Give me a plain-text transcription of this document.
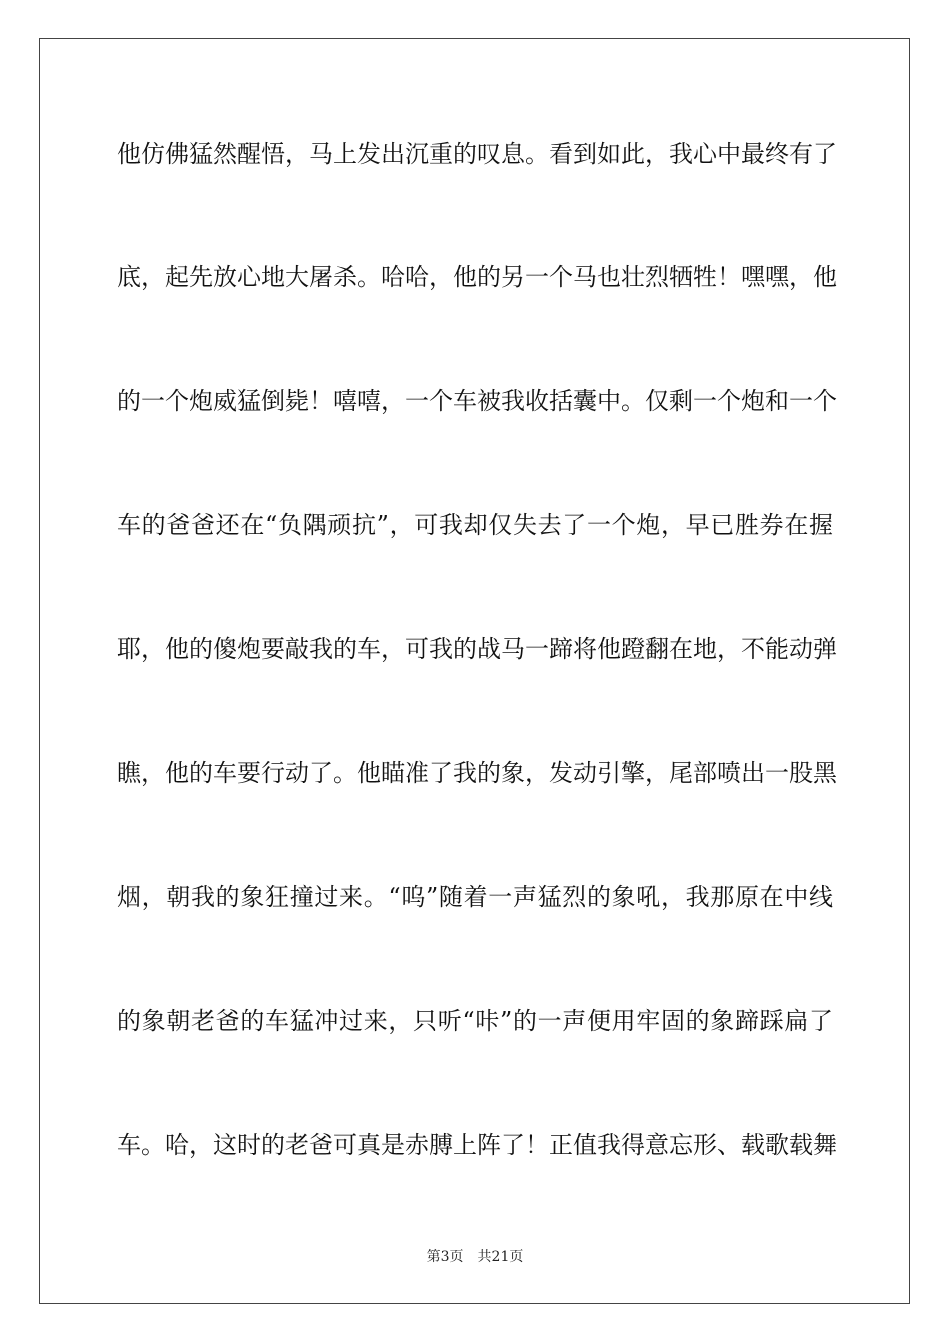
他仿佛猛然醒悟，马上发出沉重的叹息。看到如此，我心中最终有了
底，起先放心地大屠杀。哈哈，他的另一个马也壮烈牺牲！嘿嘿，他
的一个炮威猛倒毙！嘻嘻，一个车被我收括囊中。仅剩一个炮和一个
车的爸爸还在“负隅顽抗”，可我却仅失去了一个炮，早已胜券在握
耶，他的傻炮要敲我的车，可我的战马一蹄将他蹬翻在地，不能动弹
瞧，他的车要行动了。他瞄准了我的象，发动引擎，尾部喷出一股黑
烟，朝我的象狂撞过来。“呜”随着一声猛烈的象吼，我那原在中线
的象朝老爸的车猛冲过来，只听“咔”的一声便用牢固的象蹄踩扁了
车。哈，这时的老爸可真是赤膊上阵了！正值我得意忘形、载歌载舞
第3页　共21页
